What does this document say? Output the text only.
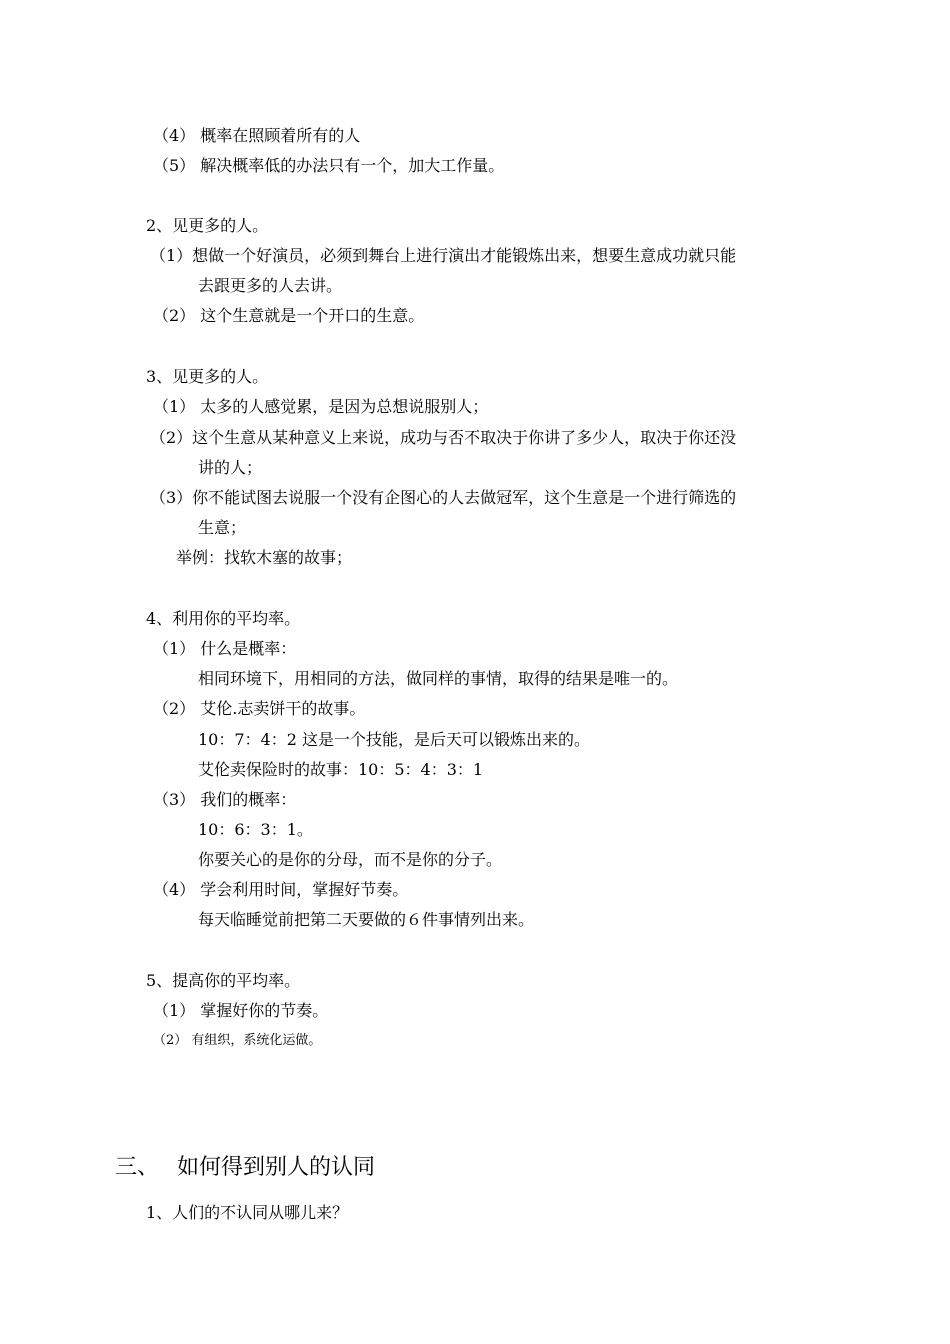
（4） 概率在照顾着所有的人
（5） 解决概率低的办法只有一个，加大工作量。
2、见更多的人。
（1）想做一个好演员，必须到舞台上进行演出才能锻炼出来，想要生意成功就只能
去跟更多的人去讲。
（2） 这个生意就是一个开口的生意。
3、见更多的人。
（1） 太多的人感觉累，是因为总想说服别人；
（2）这个生意从某种意义上来说，成功与否不取决于你讲了多少人，取决于你还没
讲的人；
（3）你不能试图去说服一个没有企图心的人去做冠军，这个生意是一个进行筛选的
生意；
举例：找软木塞的故事；
4、利用你的平均率。
（1） 什么是概率：
相同环境下，用相同的方法，做同样的事情，取得的结果是唯一的。
（2） 艾伦.志卖饼干的故事。
10：7：4：2 这是一个技能，是后天可以锻炼出来的。
艾伦卖保险时的故事：10：5：4：3：1
（3） 我们的概率：
10：6：3：1。
你要关心的是你的分母，而不是你的分子。
（4） 学会利用时间，掌握好节奏。
每天临睡觉前把第二天要做的６件事情列出来。
5、提高你的平均率。
（1） 掌握好你的节奏。
（2） 有组织，系统化运做。
三、 如何得到别人的认同
1、人们的不认同从哪儿来？
